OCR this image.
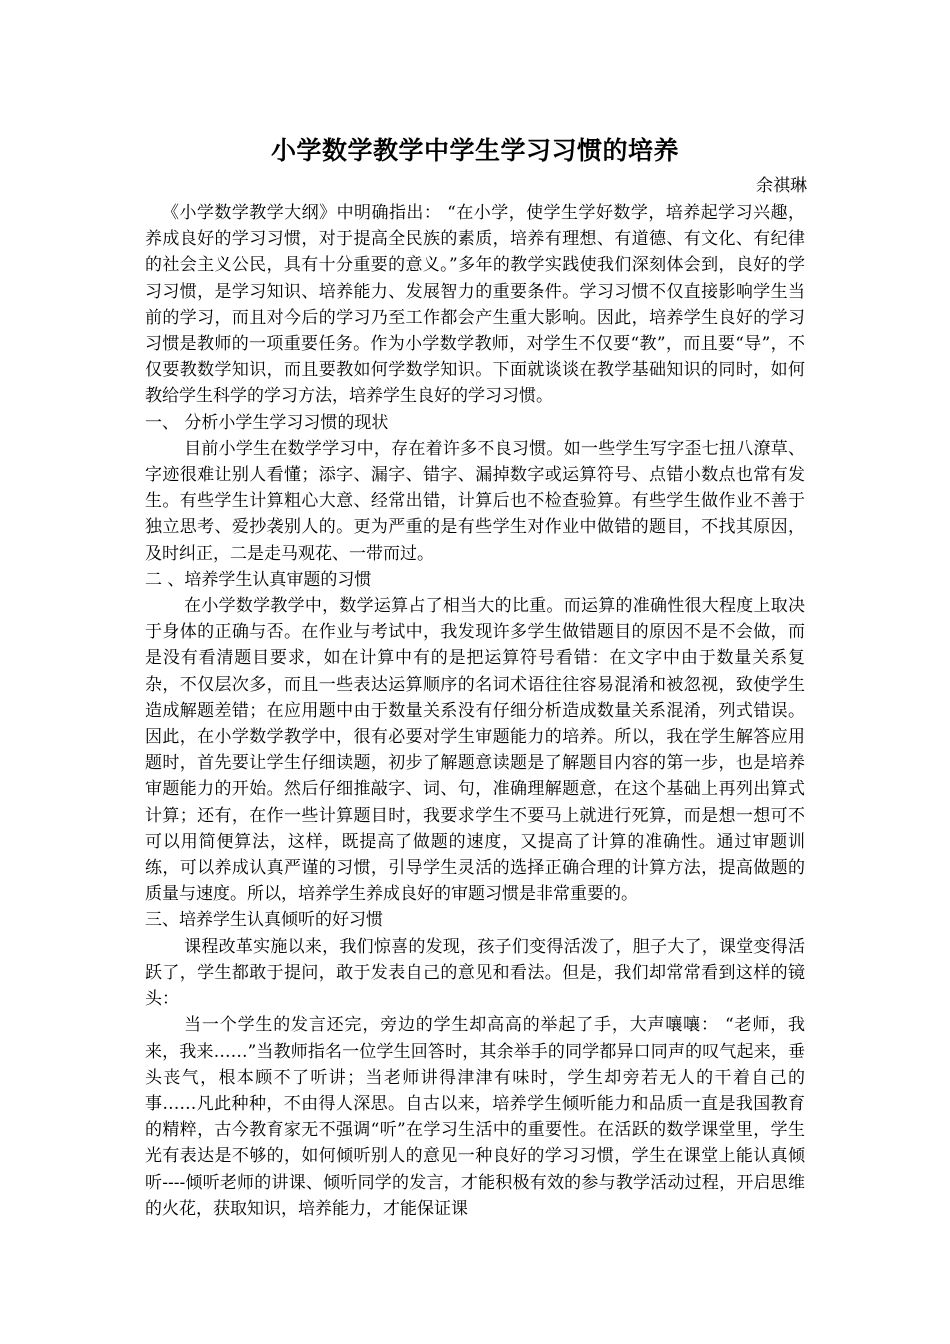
小学数学教学中学生学习习惯的培养
余祺琳

《小学数学教学大纲》中明确指出： “在小学，使学生学好数学，培养起学习兴趣，养成良好的学习习惯，对于提高全民族的素质，培养有理想、有道德、有文化、有纪律的社会主义公民，具有十分重要的意义。”多年的教学实践使我们深刻体会到，良好的学习习惯，是学习知识、培养能力、发展智力的重要条件。学习习惯不仅直接影响学生当前的学习，而且对今后的学习乃至工作都会产生重大影响。因此，培养学生良好的学习习惯是教师的一项重要任务。作为小学数学教师，对学生不仅要“教”，而且要“导”，不仅要教数学知识，而且要教如何学数学知识。下面就谈谈在教学基础知识的同时，如何教给学生科学的学习方法，培养学生良好的学习习惯。

一、 分析小学生学习习惯的现状

目前小学生在数学学习中，存在着许多不良习惯。如一些学生写字歪七扭八潦草、字迹很难让别人看懂；添字、漏字、错字、漏掉数字或运算符号、点错小数点也常有发生。有些学生计算粗心大意、经常出错，计算后也不检查验算。有些学生做作业不善于独立思考、爱抄袭别人的。更为严重的是有些学生对作业中做错的题目，不找其原因，及时纠正，二是走马观花、一带而过。

二 、培养学生认真审题的习惯

在小学数学教学中，数学运算占了相当大的比重。而运算的准确性很大程度上取决于身体的正确与否。在作业与考试中，我发现许多学生做错题目的原因不是不会做，而是没有看清题目要求，如在计算中有的是把运算符号看错：在文字中由于数量关系复杂，不仅层次多，而且一些表达运算顺序的名词术语往往容易混淆和被忽视，致使学生造成解题差错；在应用题中由于数量关系没有仔细分析造成数量关系混淆，列式错误。因此，在小学数学教学中，很有必要对学生审题能力的培养。所以，我在学生解答应用题时，首先要让学生仔细读题，初步了解题意读题是了解题目内容的第一步，也是培养审题能力的开始。然后仔细推敲字、词、句，准确理解题意，在这个基础上再列出算式计算；还有，在作一些计算题目时，我要求学生不要马上就进行死算，而是想一想可不可以用简便算法，这样，既提高了做题的速度，又提高了计算的准确性。通过审题训练，可以养成认真严谨的习惯，引导学生灵活的选择正确合理的计算方法，提高做题的质量与速度。所以，培养学生养成良好的审题习惯是非常重要的。

三、培养学生认真倾听的好习惯

课程改革实施以来，我们惊喜的发现，孩子们变得活泼了，胆子大了，课堂变得活跃了，学生都敢于提问，敢于发表自己的意见和看法。但是，我们却常常看到这样的镜头：

当一个学生的发言还完，旁边的学生却高高的举起了手，大声嚷嚷： “老师，我来，我来……”当教师指名一位学生回答时，其余举手的同学都异口同声的叹气起来，垂头丧气，根本顾不了听讲；当老师讲得津津有味时，学生却旁若无人的干着自己的事……凡此种种，不由得人深思。自古以来，培养学生倾听能力和品质一直是我国教育的精粹，古今教育家无不强调“听”在学习生活中的重要性。在活跃的数学课堂里，学生光有表达是不够的，如何倾听别人的意见一种良好的学习习惯，学生在课堂上能认真倾听----倾听老师的讲课、倾听同学的发言，才能积极有效的参与教学活动过程，开启思维的火花，获取知识，培养能力，才能保证课
